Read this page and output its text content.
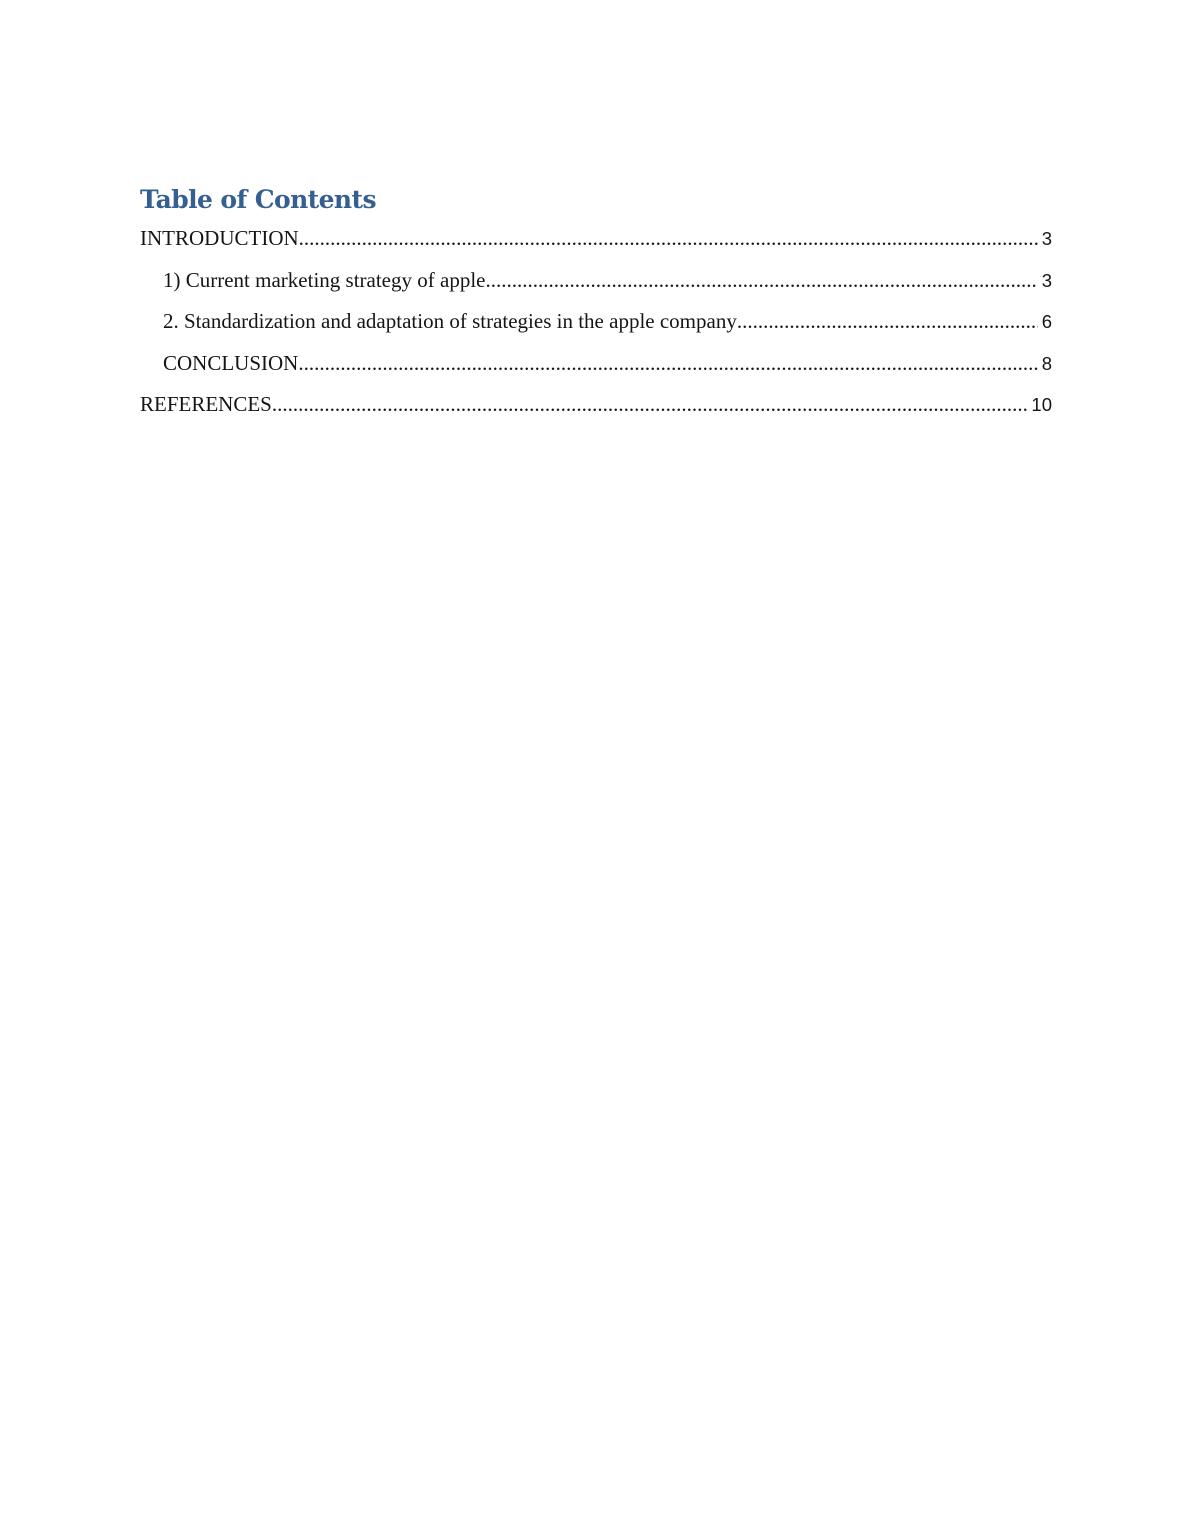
Table of Contents
INTRODUCTION .....	3
1) Current marketing strategy of apple .....	3
2. Standardization and adaptation of strategies in the apple company .....	6
CONCLUSION .....	8
REFERENCES .....	10
